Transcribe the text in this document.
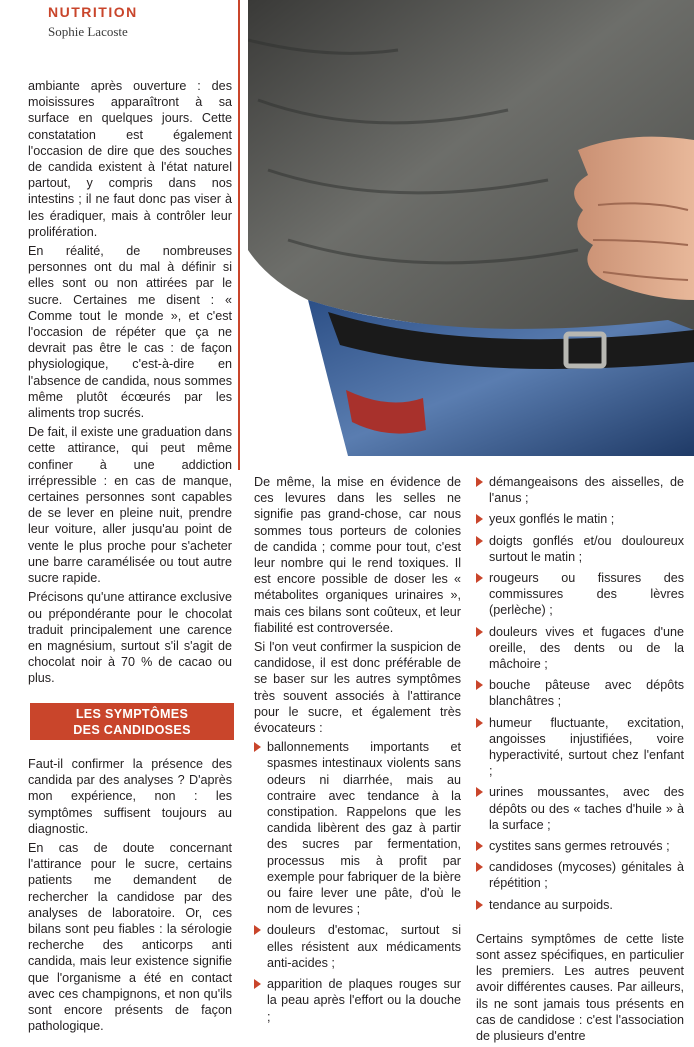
NUTRITION
Sophie Lacoste

ambiante après ouverture : des moisissures apparaîtront à sa surface en quelques jours. Cette constatation est également l'occasion de dire que des souches de candida existent à l'état naturel partout, y compris dans nos intestins ; il ne faut donc pas viser à les éradiquer, mais à contrôler leur prolifération.

En réalité, de nombreuses personnes ont du mal à définir si elles sont ou non attirées par le sucre. Certaines me disent : « Comme tout le monde », et c'est l'occasion de répéter que ça ne devrait pas être le cas : de façon physiologique, c'est-à-dire en l'absence de candida, nous sommes même plutôt écœurés par les aliments trop sucrés.

De fait, il existe une graduation dans cette attirance, qui peut même confiner à une addiction irrépressible : en cas de manque, certaines personnes sont capables de se lever en pleine nuit, prendre leur voiture, aller jusqu'au point de vente le plus proche pour s'acheter une barre caramélisée ou tout autre sucre rapide.

Précisons qu'une attirance exclusive ou prépondérante pour le chocolat traduit principalement une carence en magnésium, surtout s'il s'agit de chocolat noir à 70 % de cacao ou plus.

LES SYMPTÔMES
DES CANDIDOSES

Faut-il confirmer la présence des candida par des analyses ? D'après mon expérience, non : les symptômes suffisent toujours au diagnostic.

En cas de doute concernant l'attirance pour le sucre, certains patients me demandent de rechercher la candidose par des analyses de laboratoire. Or, ces bilans sont peu fiables : la sérologie recherche des anticorps anti candida, mais leur existence signifie que l'organisme a été en contact avec ces champignons, et non qu'ils sont encore présents de façon pathologique.

De même, la mise en évidence de ces levures dans les selles ne signifie pas grand-chose, car nous sommes tous porteurs de colonies de candida ; comme pour tout, c'est leur nombre qui le rend toxiques. Il est encore possible de doser les « métabolites organiques urinaires », mais ces bilans sont coûteux, et leur fiabilité est controversée.

Si l'on veut confirmer la suspicion de candidose, il est donc préférable de se baser sur les autres symptômes très souvent associés à l'attirance pour le sucre, et également très évocateurs :

ballonnements importants et spasmes intestinaux violents sans odeurs ni diarrhée, mais au contraire avec tendance à la constipation. Rappelons que les candida libèrent des gaz à partir des sucres par fermentation, processus mis à profit par exemple pour fabriquer de la bière ou faire lever une pâte, d'où le nom de levures ;
douleurs d'estomac, surtout si elles résistent aux médicaments anti-acides ;
apparition de plaques rouges sur la peau après l'effort ou la douche ;
démangeaisons des aisselles, de l'anus ;
yeux gonflés le matin ;
doigts gonflés et/ou douloureux surtout le matin ;
rougeurs ou fissures des commissures des lèvres (perlèche) ;
douleurs vives et fugaces d'une oreille, des dents ou de la mâchoire ;
bouche pâteuse avec dépôts blanchâtres ;
humeur fluctuante, excitation, angoisses injustifiées, voire hyperactivité, surtout chez l'enfant ;
urines moussantes, avec des dépôts ou des « taches d'huile » à la surface ;
cystites sans germes retrouvés ;
candidoses (mycoses) génitales à répétition ;
tendance au surpoids.

Certains symptômes de cette liste sont assez spécifiques, en particulier les premiers. Les autres peuvent avoir différentes causes. Par ailleurs, ils ne sont jamais tous présents en cas de candidose : c'est l'association de plusieurs d'entre
